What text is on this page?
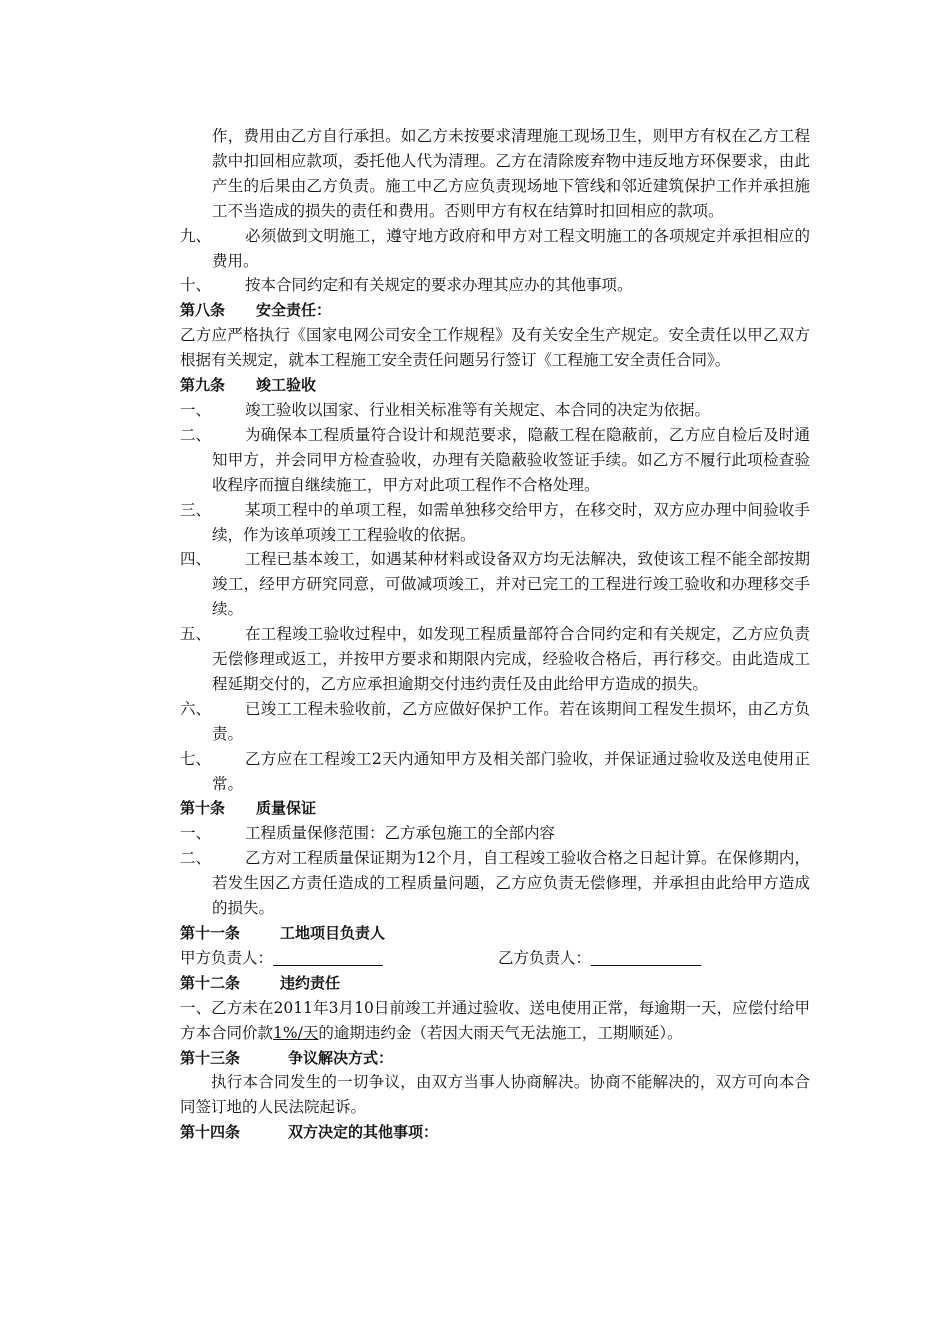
作，费用由乙方自行承担。如乙方未按要求清理施工现场卫生，则甲方有权在乙方工程款中扣回相应款项，委托他人代为清理。乙方在清除废弃物中违反地方环保要求，由此产生的后果由乙方负责。施工中乙方应负责现场地下管线和邻近建筑保护工作并承担施工不当造成的损失的责任和费用。否则甲方有权在结算时扣回相应的款项。
九、	必须做到文明施工，遵守地方政府和甲方对工程文明施工的各项规定并承担相应的费用。
十、	按本合同约定和有关规定的要求办理其应办的其他事项。
第八条 安全责任：
乙方应严格执行《国家电网公司安全工作规程》及有关安全生产规定。安全责任以甲乙双方根据有关规定，就本工程施工安全责任问题另行签订《工程施工安全责任合同》。
第九条 竣工验收
一、	竣工验收以国家、行业相关标准等有关规定、本合同的决定为依据。
二、	为确保本工程质量符合设计和规范要求，隐蔽工程在隐蔽前，乙方应自检后及时通知甲方，并会同甲方检查验收，办理有关隐蔽验收签证手续。如乙方不履行此项检查验收程序而擅自继续施工，甲方对此项工程作不合格处理。
三、	某项工程中的单项工程，如需单独移交给甲方，在移交时，双方应办理中间验收手续，作为该单项竣工工程验收的依据。
四、	工程已基本竣工，如遇某种材料或设备双方均无法解决，致使该工程不能全部按期竣工，经甲方研究同意，可做减项竣工，并对已完工的工程进行竣工验收和办理移交手续。
五、	在工程竣工验收过程中，如发现工程质量部符合合同约定和有关规定，乙方应负责无偿修理或返工，并按甲方要求和期限内完成，经验收合格后，再行移交。由此造成工程延期交付的，乙方应承担逾期交付违约责任及由此给甲方造成的损失。
六、	已竣工工程未验收前，乙方应做好保护工作。若在该期间工程发生损坏，由乙方负责。
七、	乙方应在工程竣工2天内通知甲方及相关部门验收，并保证通过验收及送电使用正常。
第十条 质量保证
一、	工程质量保修范围：乙方承包施工的全部内容
二、	乙方对工程质量保证期为12个月，自工程竣工验收合格之日起计算。在保修期内，若发生因乙方责任造成的工程质量问题，乙方应负责无偿修理，并承担由此给甲方造成的损失。
第十一条	工地项目负责人
甲方负责人：	乙方负责人：
第十二条	违约责任
一、乙方未在2011年3月10日前竣工并通过验收、送电使用正常，每逾期一天，应偿付给甲方本合同价款1%/天的逾期违约金（若因大雨天气无法施工，工期顺延）。
第十三条	争议解决方式：
执行本合同发生的一切争议，由双方当事人协商解决。协商不能解决的，双方可向本合同签订地的人民法院起诉。
第十四条	双方决定的其他事项：
